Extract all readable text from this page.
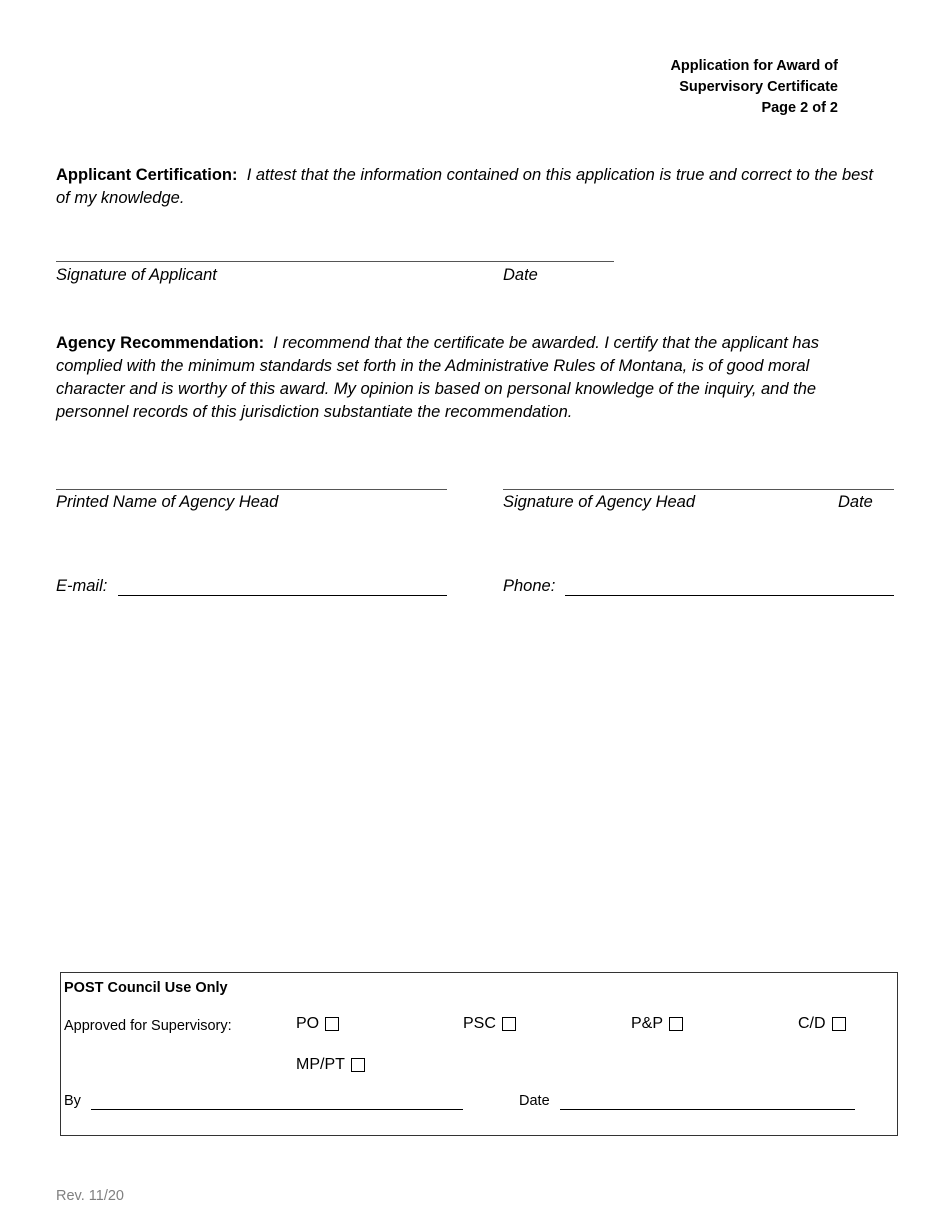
Application for Award of
Supervisory Certificate
Page 2 of 2
Applicant Certification: I attest that the information contained on this application is true and correct to the best of my knowledge.
Signature of Applicant	Date
Agency Recommendation: I recommend that the certificate be awarded. I certify that the applicant has complied with the minimum standards set forth in the Administrative Rules of Montana, is of good moral character and is worthy of this award. My opinion is based on personal knowledge of the inquiry, and the personnel records of this jurisdiction substantiate the recommendation.
Printed Name of Agency Head	Signature of Agency Head	Date
E-mail:	Phone:
POST Council Use Only
Approved for Supervisory:	PO	PSC	P&P	C/D
MP/PT
By	Date
Rev. 11/20
